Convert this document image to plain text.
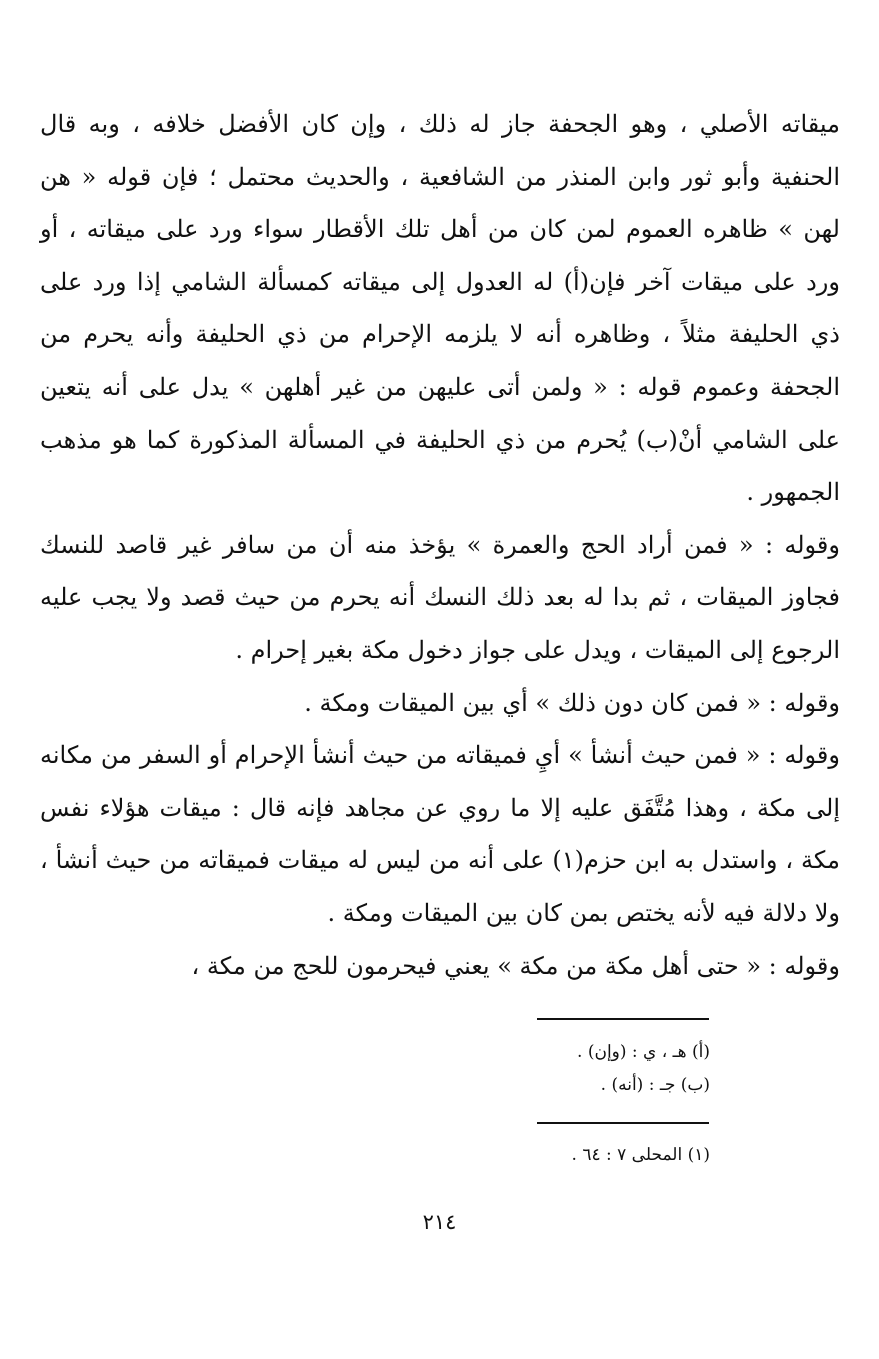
ميقاته الأصلي ، وهو الجحفة جاز له ذلك ، وإن كان الأفضل خلافه ، وبه قال الحنفية وأبو ثور وابن المنذر من الشافعية ، والحديث محتمل ؛ فإن قوله « هن لهن » ظاهره العموم لمن كان من أهل تلك الأقطار سواء ورد على ميقاته ، أو ورد على ميقات آخر فإن(أ) له العدول إلى ميقاته كمسألة الشامي إذا ورد على ذي الحليفة مثلاً ، وظاهره أنه لا يلزمه الإحرام من ذي الحليفة وأنه يحرم من الجحفة وعموم قوله : « ولمن أتى عليهن من غير أهلهن » يدل على أنه يتعين على الشامي أنْ(ب) يُحرم من ذي الحليفة في المسألة المذكورة كما هو مذهب الجمهور .

وقوله : « فمن أراد الحج والعمرة » يؤخذ منه أن من سافر غير قاصد للنسك فجاوز الميقات ، ثم بدا له بعد ذلك النسك أنه يحرم من حيث قصد ولا يجب عليه الرجوع إلى الميقات ، ويدل على جواز دخول مكة بغير إحرام .

وقوله : « فمن كان دون ذلك » أي بين الميقات ومكة .

وقوله : « فمن حيث أنشأ » أيِ فميقاته من حيث أنشأ الإحرام أو السفر من مكانه إلى مكة ، وهذا مُتَّفَق عليه إلا ما روي عن مجاهد فإنه قال : ميقات هؤلاء نفس مكة ، واستدل به ابن حزم(١) على أنه من ليس له ميقات فميقاته من حيث أنشأ ، ولا دلالة فيه لأنه يختص بمن كان بين الميقات ومكة .

وقوله : « حتى أهل مكة من مكة » يعني فيحرمون للحج من مكة ،

(أ) هـ ، ي : (وإن) .

(ب) جـ : (أنه) .

(١) المحلى ٧ : ٦٤ .

٢١٤
